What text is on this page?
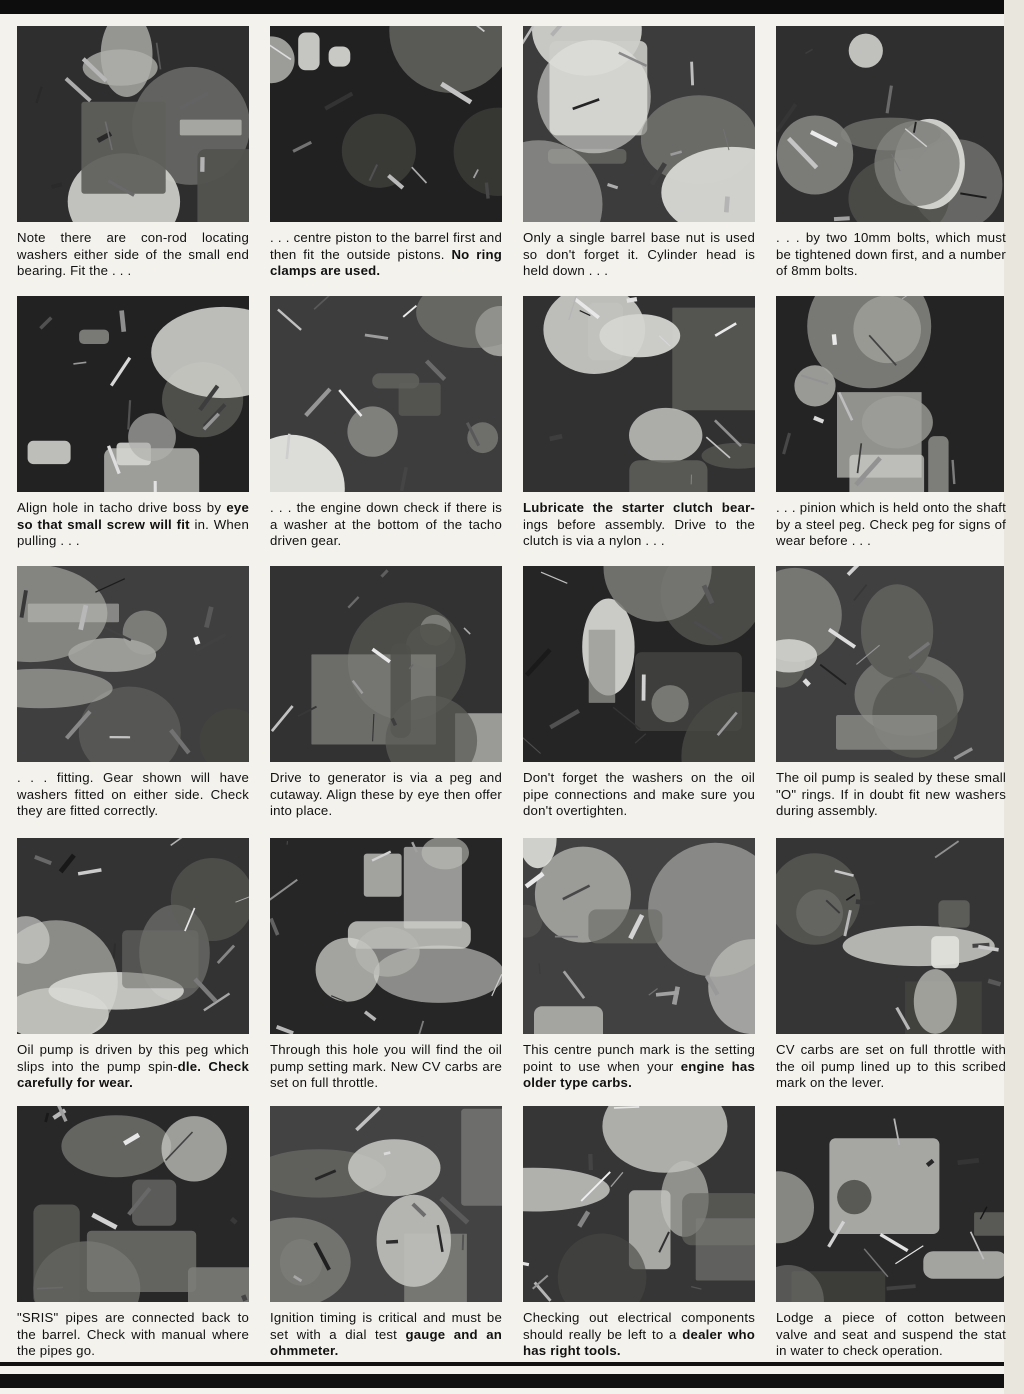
Note there are con-rod locating washers either side of the small end bearing. Fit the . . .
. . . centre piston to the barrel first and then fit the outside pistons. No ring clamps are used.
Only a single barrel base nut is used so don't forget it. Cylinder head is held down . . .
. . . by two 10mm bolts, which must be tightened down first, and a number of 8mm bolts.
Align hole in tacho drive boss by eye so that small screw will fit in. When pulling . . .
. . . the engine down check if there is a washer at the bottom of the tacho driven gear.
Lubricate the starter clutch bear-ings before assembly. Drive to the clutch is via a nylon . . .
. . . pinion which is held onto the shaft by a steel peg. Check peg for signs of wear before . . .
. . . fitting. Gear shown will have washers fitted on either side. Check they are fitted correctly.
Drive to generator is via a peg and cutaway. Align these by eye then offer into place.
Don't forget the washers on the oil pipe connections and make sure you don't overtighten.
The oil pump is sealed by these small "O" rings. If in doubt fit new washers during assembly.
Oil pump is driven by this peg which slips into the pump spin-dle. Check carefully for wear.
Through this hole you will find the oil pump setting mark. New CV carbs are set on full throttle.
This centre punch mark is the setting point to use when your engine has older type carbs.
CV carbs are set on full throttle with the oil pump lined up to this scribed mark on the lever.
"SRIS" pipes are connected back to the barrel. Check with manual where the pipes go.
Ignition timing is critical and must be set with a dial test gauge and an ohmmeter.
Checking out electrical components should really be left to a dealer who has right tools.
Lodge a piece of cotton between valve and seat and suspend the stat in water to check operation.
